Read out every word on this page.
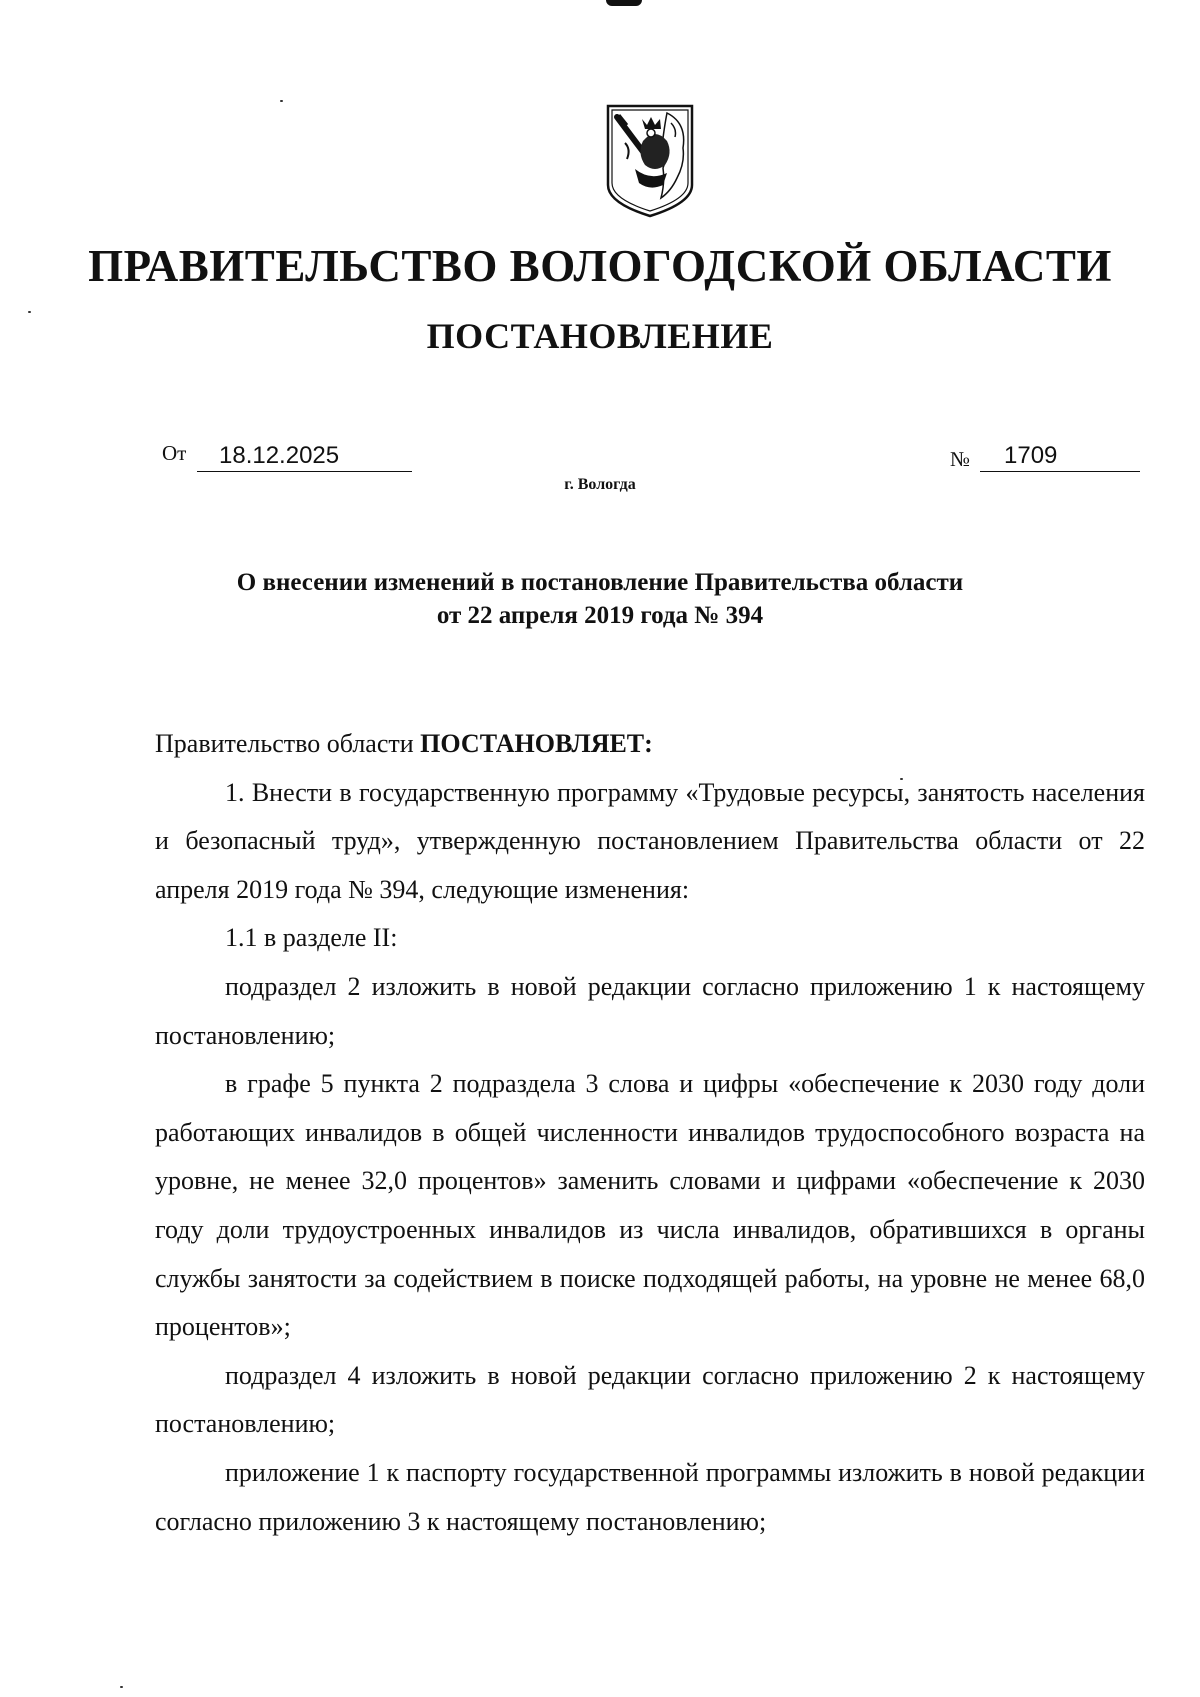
ПРАВИТЕЛЬСТВО ВОЛОГОДСКОЙ ОБЛАСТИ
ПОСТАНОВЛЕНИЕ
От	18.12.2025	№	1709
г. Вологда
О внесении изменений в постановление Правительства области
от 22 апреля 2019 года № 394

Правительство области ПОСТАНОВЛЯЕТ:

1. Внести в государственную программу «Трудовые ресурсы, занятость населения и безопасный труд», утвержденную постановлением Правительства области от 22 апреля 2019 года № 394, следующие изменения:

1.1 в разделе II:

подраздел 2 изложить в новой редакции согласно приложению 1 к настоящему постановлению;

в графе 5 пункта 2 подраздела 3 слова и цифры «обеспечение к 2030 году доли работающих инвалидов в общей численности инвалидов трудоспособного возраста на уровне, не менее 32,0 процентов» заменить словами и цифрами «обеспечение к 2030 году доли трудоустроенных инвалидов из числа инвалидов, обратившихся в органы службы занятости за содействием в поиске подходящей работы, на уровне не менее 68,0 процентов»;

подраздел 4 изложить в новой редакции согласно приложению 2 к настоящему постановлению;

приложение 1 к паспорту государственной программы изложить в новой редакции согласно приложению 3 к настоящему постановлению;
